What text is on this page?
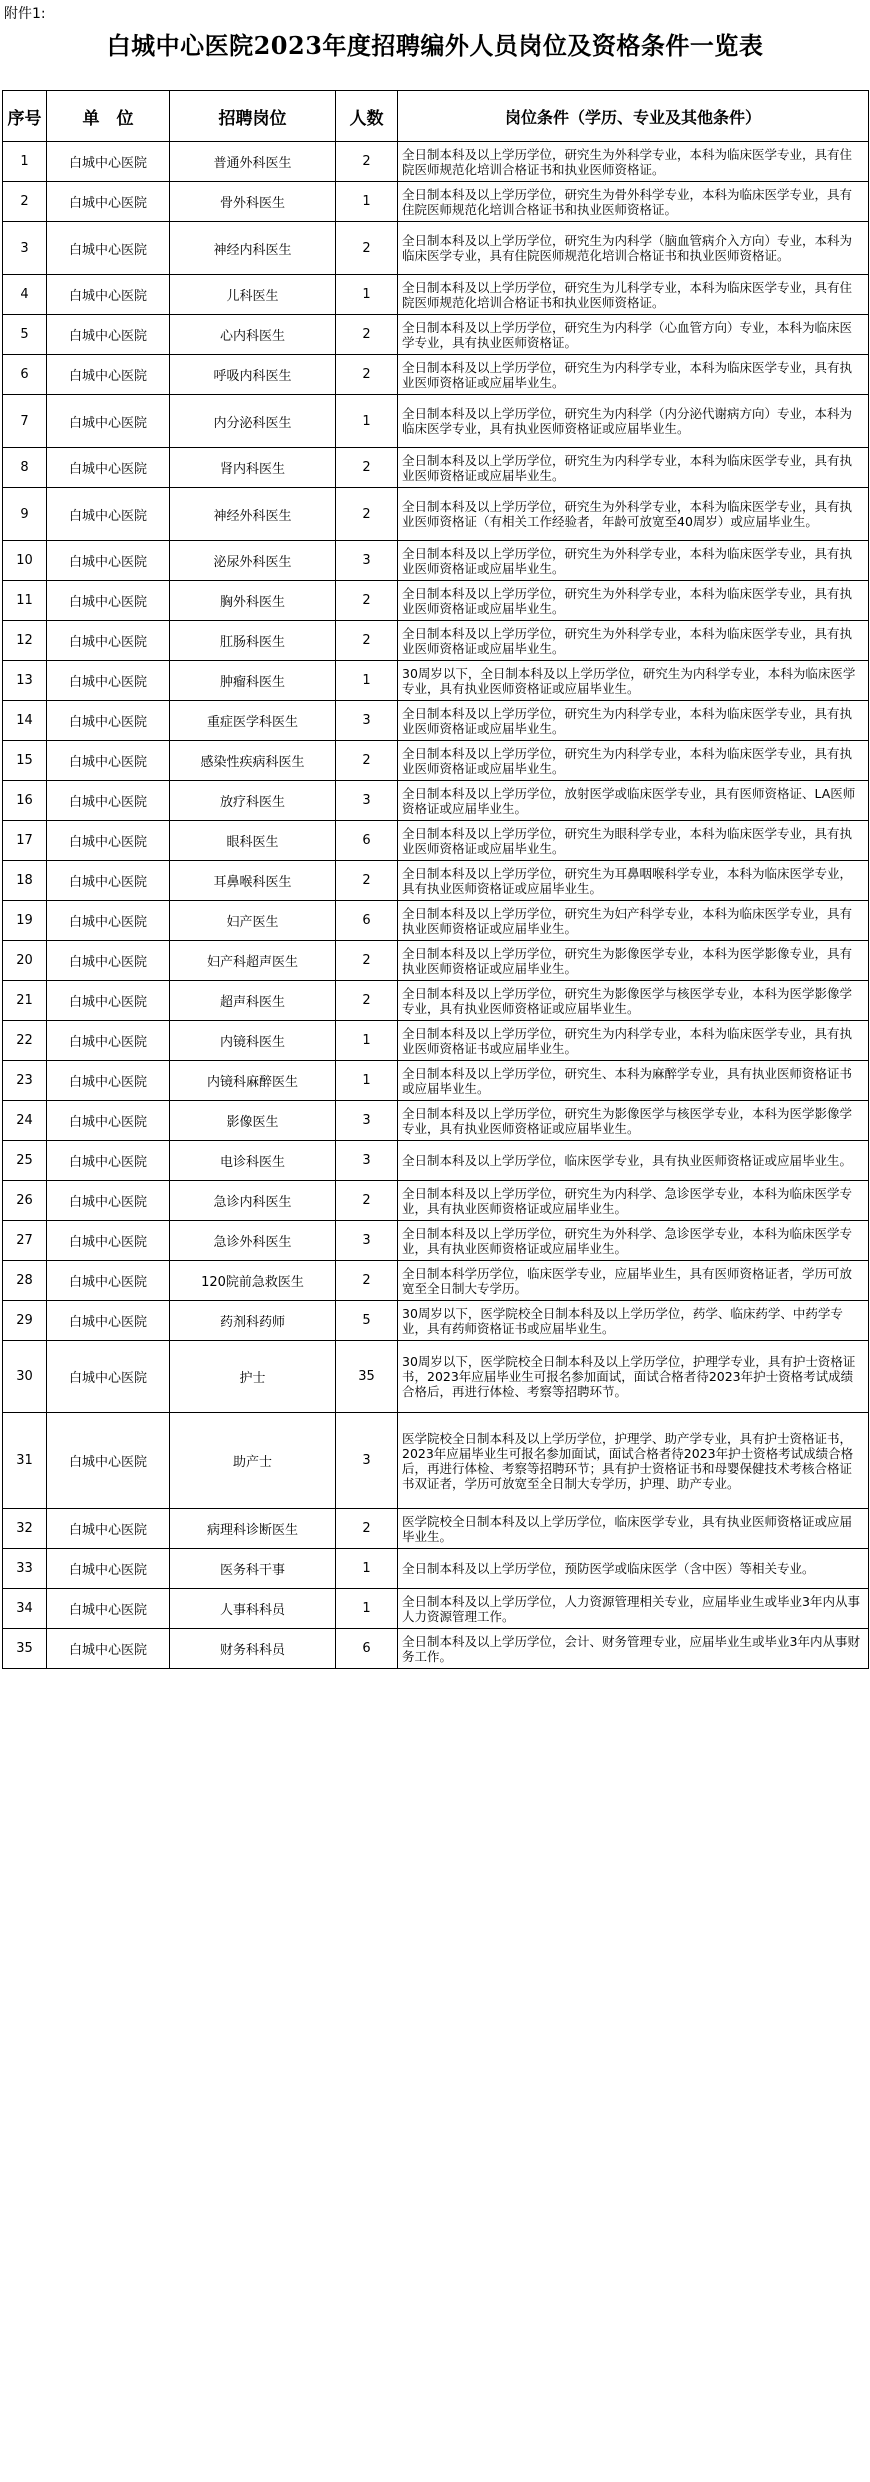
附件1:
白城中心医院2023年度招聘编外人员岗位及资格条件一览表
序号	单　位	招聘岗位	人数	岗位条件（学历、专业及其他条件）
1	白城中心医院	普通外科医生	2	全日制本科及以上学历学位，研究生为外科学专业，本科为临床医学专业，具有住院医师规范化培训合格证书和执业医师资格证。
2	白城中心医院	骨外科医生	1	全日制本科及以上学历学位，研究生为骨外科学专业，本科为临床医学专业，具有住院医师规范化培训合格证书和执业医师资格证。
3	白城中心医院	神经内科医生	2	全日制本科及以上学历学位，研究生为内科学（脑血管病介入方向）专业，本科为临床医学专业，具有住院医师规范化培训合格证书和执业医师资格证。
4	白城中心医院	儿科医生	1	全日制本科及以上学历学位，研究生为儿科学专业，本科为临床医学专业，具有住院医师规范化培训合格证书和执业医师资格证。
5	白城中心医院	心内科医生	2	全日制本科及以上学历学位，研究生为内科学（心血管方向）专业，本科为临床医学专业，具有执业医师资格证。
6	白城中心医院	呼吸内科医生	2	全日制本科及以上学历学位，研究生为内科学专业，本科为临床医学专业，具有执业医师资格证或应届毕业生。
7	白城中心医院	内分泌科医生	1	全日制本科及以上学历学位，研究生为内科学（内分泌代谢病方向）专业，本科为临床医学专业，具有执业医师资格证或应届毕业生。
8	白城中心医院	肾内科医生	2	全日制本科及以上学历学位，研究生为内科学专业，本科为临床医学专业，具有执业医师资格证或应届毕业生。
9	白城中心医院	神经外科医生	2	全日制本科及以上学历学位，研究生为外科学专业，本科为临床医学专业，具有执业医师资格证（有相关工作经验者，年龄可放宽至40周岁）或应届毕业生。
10	白城中心医院	泌尿外科医生	3	全日制本科及以上学历学位，研究生为外科学专业，本科为临床医学专业，具有执业医师资格证或应届毕业生。
11	白城中心医院	胸外科医生	2	全日制本科及以上学历学位，研究生为外科学专业，本科为临床医学专业，具有执业医师资格证或应届毕业生。
12	白城中心医院	肛肠科医生	2	全日制本科及以上学历学位，研究生为外科学专业，本科为临床医学专业，具有执业医师资格证或应届毕业生。
13	白城中心医院	肿瘤科医生	1	30周岁以下，全日制本科及以上学历学位，研究生为内科学专业，本科为临床医学专业，具有执业医师资格证或应届毕业生。
14	白城中心医院	重症医学科医生	3	全日制本科及以上学历学位，研究生为内科学专业，本科为临床医学专业，具有执业医师资格证或应届毕业生。
15	白城中心医院	感染性疾病科医生	2	全日制本科及以上学历学位，研究生为内科学专业，本科为临床医学专业，具有执业医师资格证或应届毕业生。
16	白城中心医院	放疗科医生	3	全日制本科及以上学历学位，放射医学或临床医学专业，具有医师资格证、LA医师资格证或应届毕业生。
17	白城中心医院	眼科医生	6	全日制本科及以上学历学位，研究生为眼科学专业，本科为临床医学专业，具有执业医师资格证或应届毕业生。
18	白城中心医院	耳鼻喉科医生	2	全日制本科及以上学历学位，研究生为耳鼻咽喉科学专业，本科为临床医学专业，具有执业医师资格证或应届毕业生。
19	白城中心医院	妇产医生	6	全日制本科及以上学历学位，研究生为妇产科学专业，本科为临床医学专业，具有执业医师资格证或应届毕业生。
20	白城中心医院	妇产科超声医生	2	全日制本科及以上学历学位，研究生为影像医学专业，本科为医学影像专业，具有执业医师资格证或应届毕业生。
21	白城中心医院	超声科医生	2	全日制本科及以上学历学位，研究生为影像医学与核医学专业，本科为医学影像学专业，具有执业医师资格证或应届毕业生。
22	白城中心医院	内镜科医生	1	全日制本科及以上学历学位，研究生为内科学专业，本科为临床医学专业，具有执业医师资格证书或应届毕业生。
23	白城中心医院	内镜科麻醉医生	1	全日制本科及以上学历学位，研究生、本科为麻醉学专业，具有执业医师资格证书或应届毕业生。
24	白城中心医院	影像医生	3	全日制本科及以上学历学位，研究生为影像医学与核医学专业，本科为医学影像学专业，具有执业医师资格证或应届毕业生。
25	白城中心医院	电诊科医生	3	全日制本科及以上学历学位，临床医学专业，具有执业医师资格证或应届毕业生。
26	白城中心医院	急诊内科医生	2	全日制本科及以上学历学位，研究生为内科学、急诊医学专业，本科为临床医学专业，具有执业医师资格证或应届毕业生。
27	白城中心医院	急诊外科医生	3	全日制本科及以上学历学位，研究生为外科学、急诊医学专业，本科为临床医学专业，具有执业医师资格证或应届毕业生。
28	白城中心医院	120院前急救医生	2	全日制本科学历学位，临床医学专业，应届毕业生，具有医师资格证者，学历可放宽至全日制大专学历。
29	白城中心医院	药剂科药师	5	30周岁以下，医学院校全日制本科及以上学历学位，药学、临床药学、中药学专业，具有药师资格证书或应届毕业生。
30	白城中心医院	护士	35	30周岁以下，医学院校全日制本科及以上学历学位，护理学专业，具有护士资格证书，2023年应届毕业生可报名参加面试，面试合格者待2023年护士资格考试成绩合格后，再进行体检、考察等招聘环节。
31	白城中心医院	助产士	3	医学院校全日制本科及以上学历学位，护理学、助产学专业，具有护士资格证书，2023年应届毕业生可报名参加面试，面试合格者待2023年护士资格考试成绩合格后，再进行体检、考察等招聘环节；具有护士资格证书和母婴保健技术考核合格证书双证者，学历可放宽至全日制大专学历，护理、助产专业。
32	白城中心医院	病理科诊断医生	2	医学院校全日制本科及以上学历学位，临床医学专业，具有执业医师资格证或应届毕业生。
33	白城中心医院	医务科干事	1	全日制本科及以上学历学位，预防医学或临床医学（含中医）等相关专业。
34	白城中心医院	人事科科员	1	全日制本科及以上学历学位，人力资源管理相关专业，应届毕业生或毕业3年内从事人力资源管理工作。
35	白城中心医院	财务科科员	6	全日制本科及以上学历学位，会计、财务管理专业，应届毕业生或毕业3年内从事财务工作。
